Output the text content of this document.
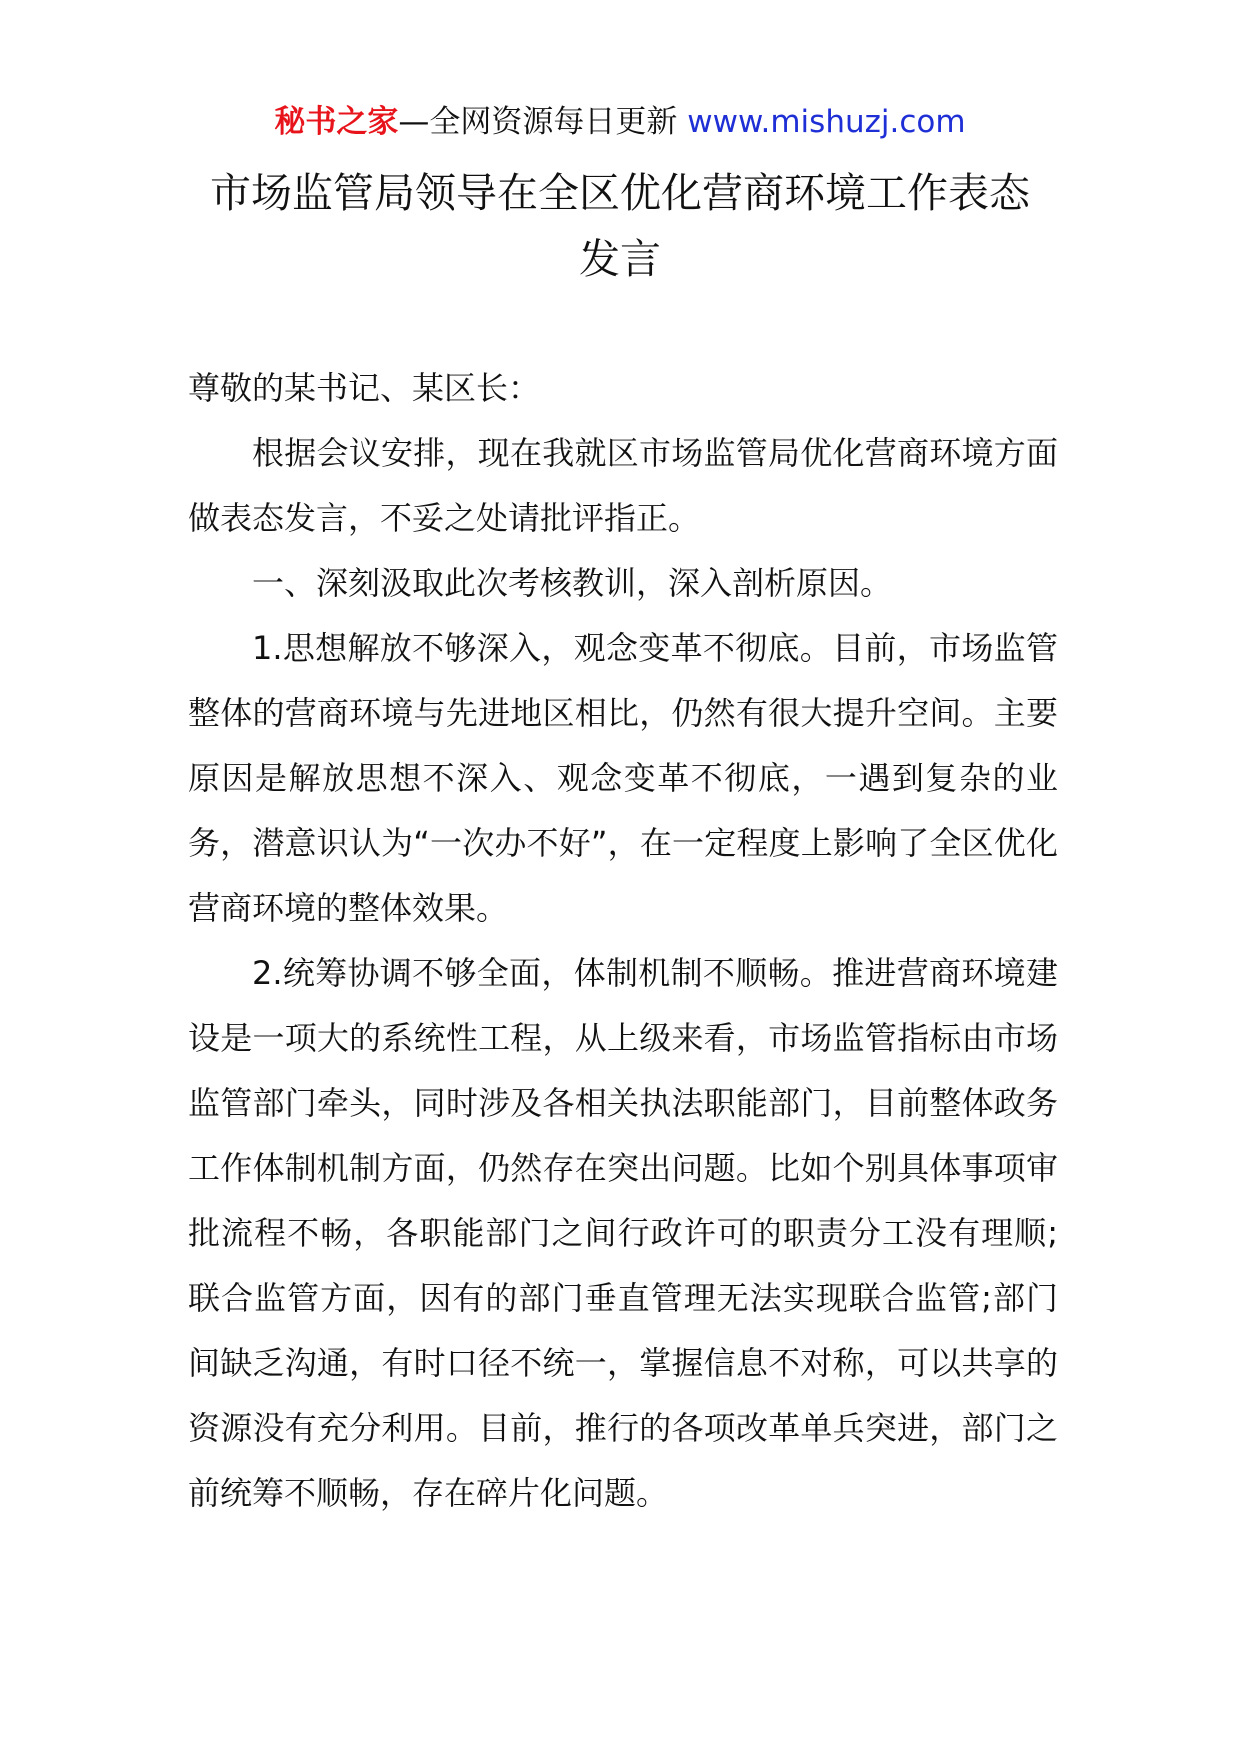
秘书之家—全网资源每日更新 www.mishuzj.com
市场监管局领导在全区优化营商环境工作表态发言

尊敬的某书记、某区长：

根据会议安排，现在我就区市场监管局优化营商环境方面做表态发言，不妥之处请批评指正。

一、深刻汲取此次考核教训，深入剖析原因。

1.思想解放不够深入，观念变革不彻底。目前，市场监管整体的营商环境与先进地区相比，仍然有很大提升空间。主要原因是解放思想不深入、观念变革不彻底，一遇到复杂的业务，潜意识认为“一次办不好”，在一定程度上影响了全区优化营商环境的整体效果。

2.统筹协调不够全面，体制机制不顺畅。推进营商环境建设是一项大的系统性工程，从上级来看，市场监管指标由市场监管部门牵头，同时涉及各相关执法职能部门，目前整体政务工作体制机制方面，仍然存在突出问题。比如个别具体事项审批流程不畅，各职能部门之间行政许可的职责分工没有理顺;联合监管方面，因有的部门垂直管理无法实现联合监管;部门间缺乏沟通，有时口径不统一，掌握信息不对称，可以共享的资源没有充分利用。目前，推行的各项改革单兵突进，部门之前统筹不顺畅，存在碎片化问题。
